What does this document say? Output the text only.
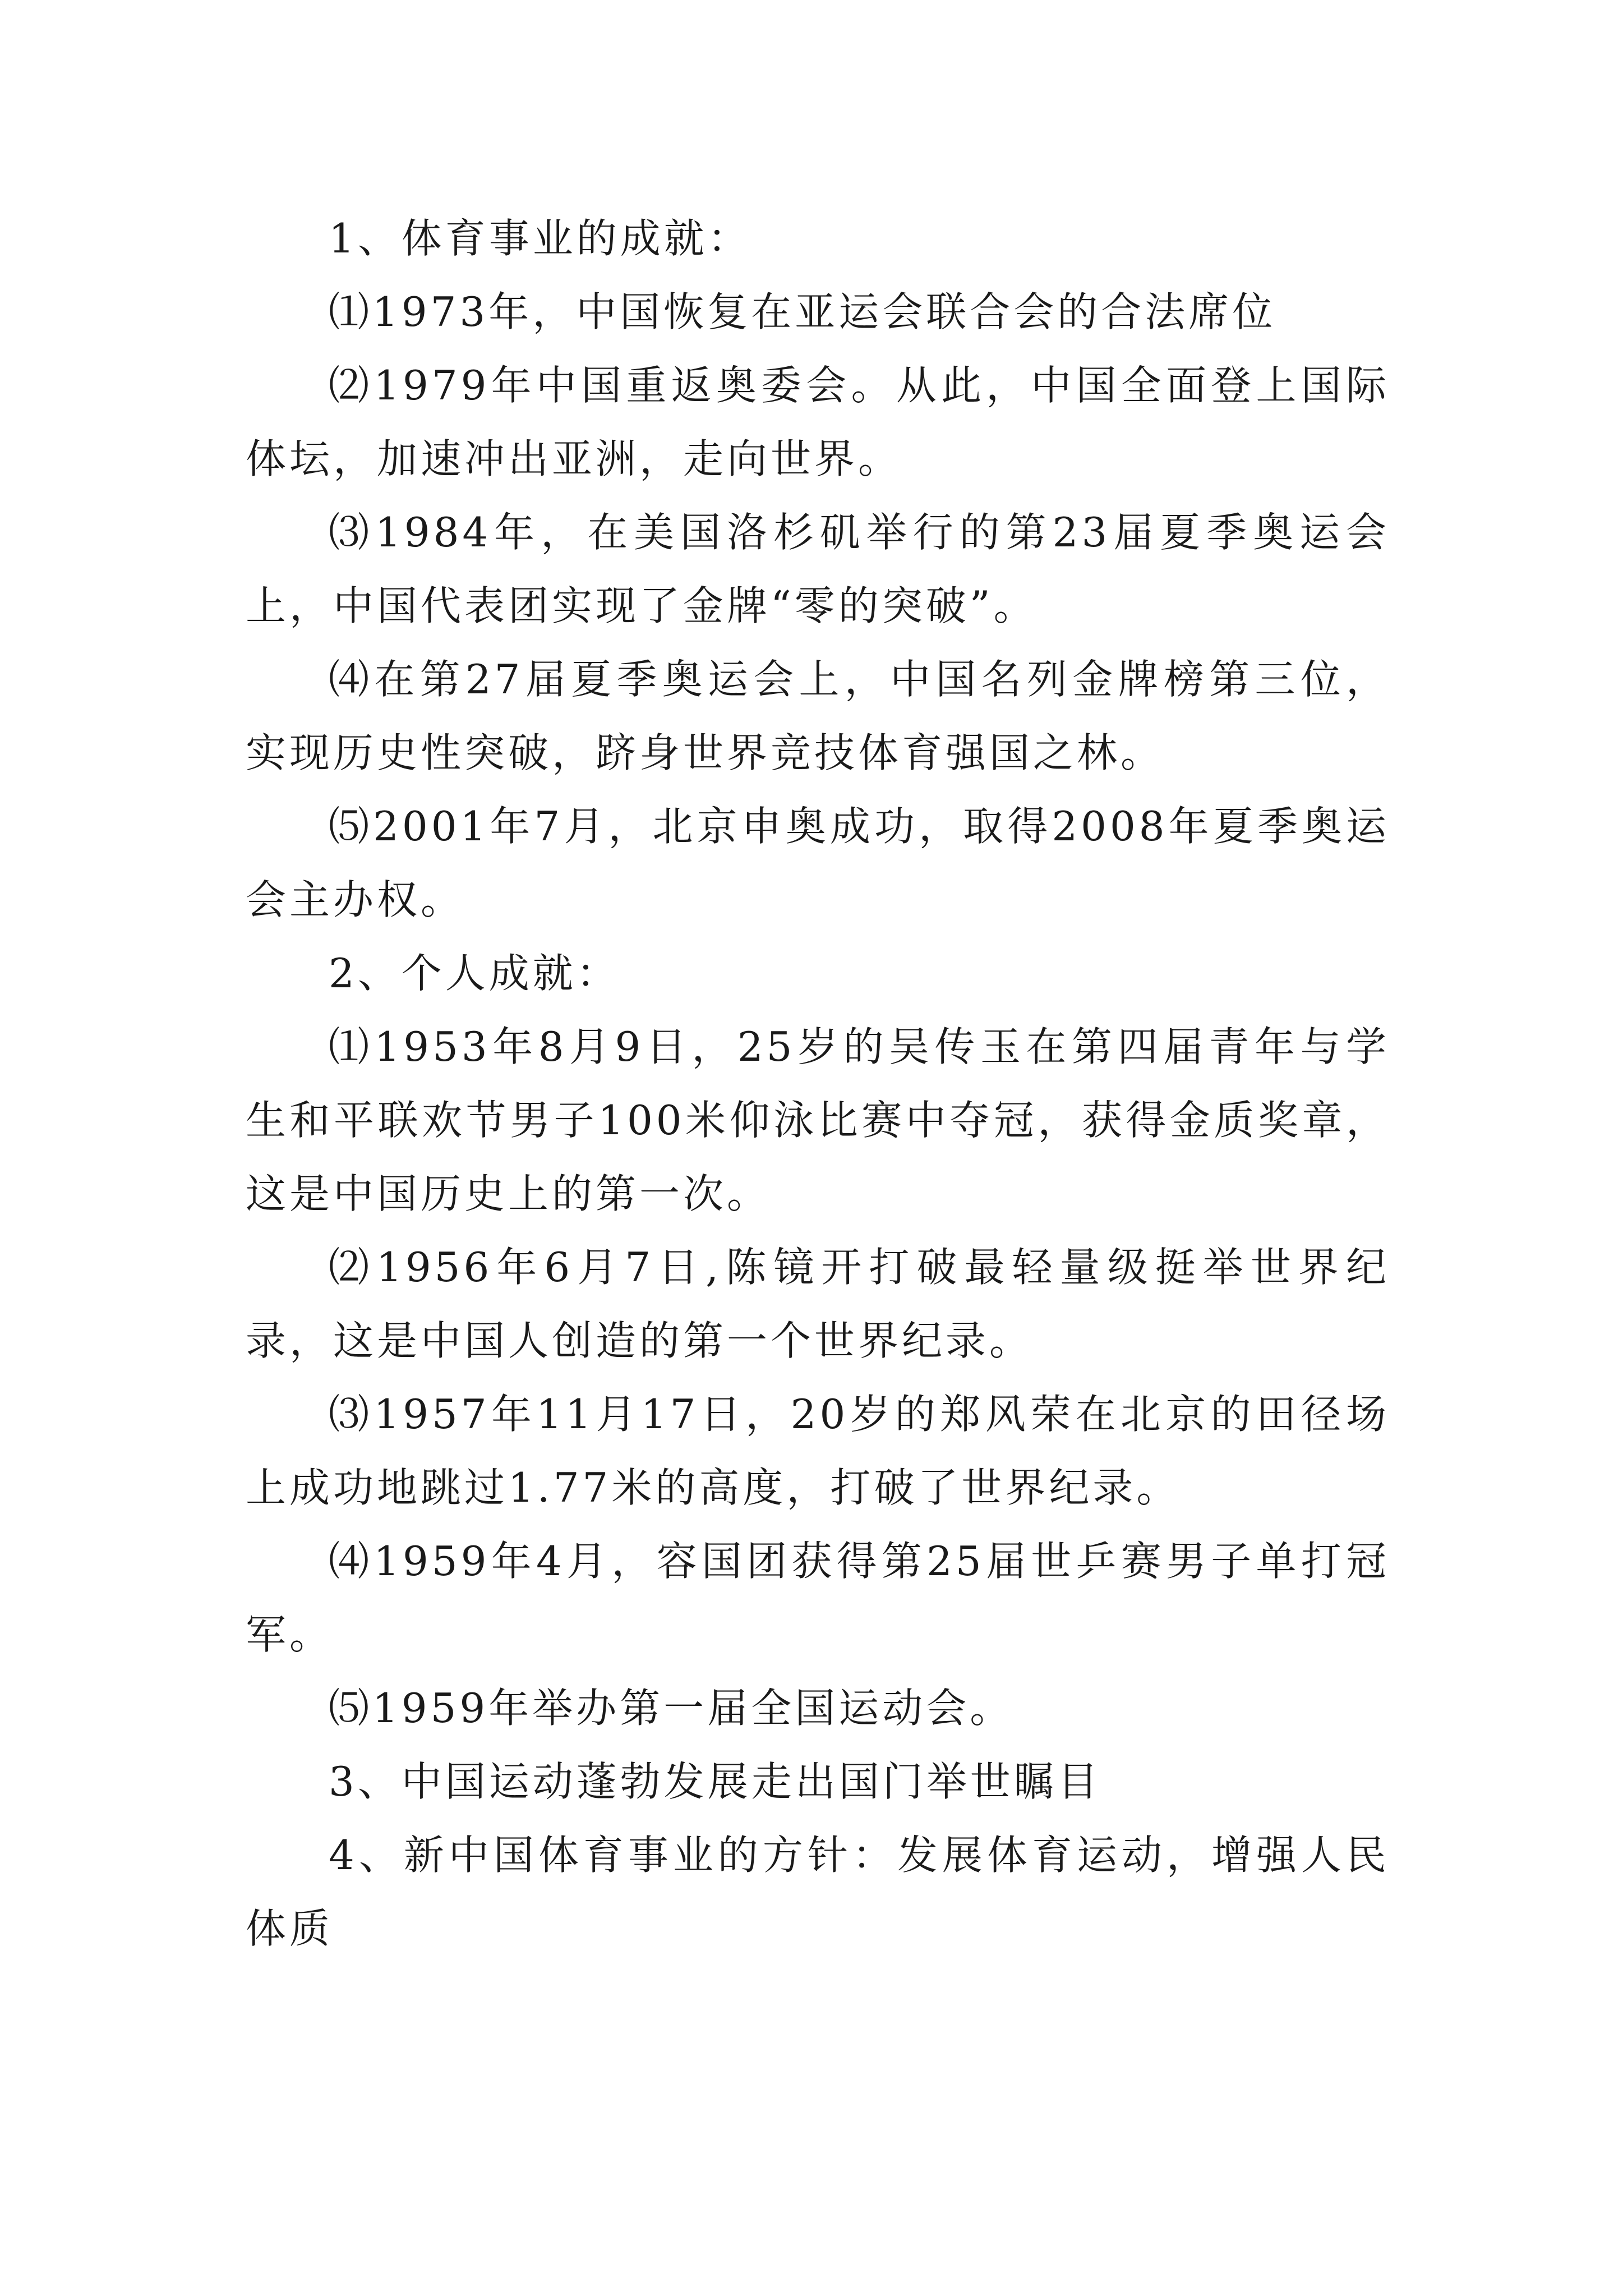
1、体育事业的成就：

⑴1973年，中国恢复在亚运会联合会的合法席位

⑵1979年中国重返奥委会。从此，中国全面登上国际体坛，加速冲出亚洲，走向世界。

⑶1984年，在美国洛杉矶举行的第23届夏季奥运会上，中国代表团实现了金牌“零的突破”。

⑷在第27届夏季奥运会上，中国名列金牌榜第三位，实现历史性突破，跻身世界竞技体育强国之林。

⑸2001年7月，北京申奥成功，取得2008年夏季奥运会主办权。

2、个人成就：

⑴1953年8月9日，25岁的吴传玉在第四届青年与学生和平联欢节男子100米仰泳比赛中夺冠，获得金质奖章，这是中国历史上的第一次。

⑵1956年6月7日,陈镜开打破最轻量级挺举世界纪录，这是中国人创造的第一个世界纪录。

⑶1957年11月17日，20岁的郑风荣在北京的田径场上成功地跳过1.77米的高度，打破了世界纪录。

⑷1959年4月，容国团获得第25届世乒赛男子单打冠军。

⑸1959年举办第一届全国运动会。

3、中国运动蓬勃发展走出国门举世瞩目

4、新中国体育事业的方针：发展体育运动，增强人民体质
